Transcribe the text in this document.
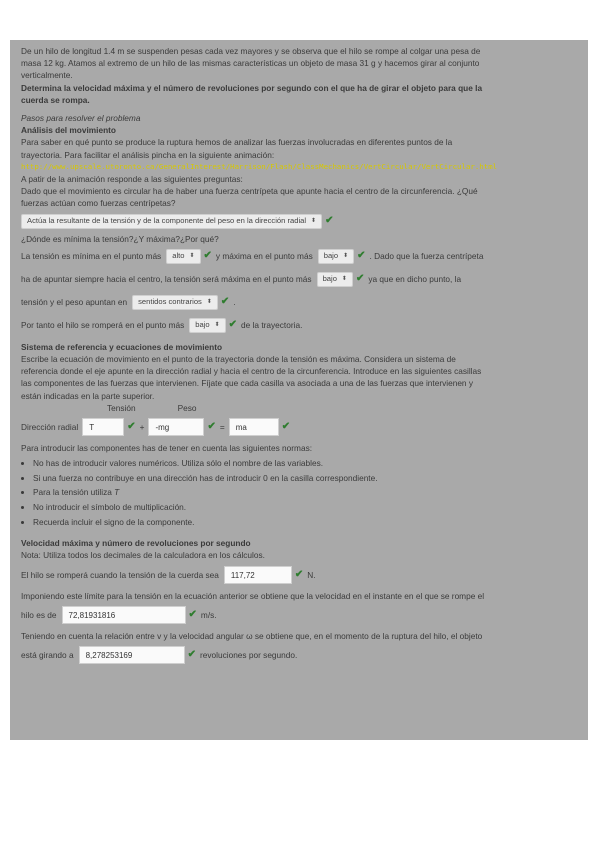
De un hilo de longitud 1.4 m se suspenden pesas cada vez mayores y se observa que el hilo se rompe al colgar una pesa de

masa 12 kg. Atamos al extremo de un hilo de las mismas características un objeto de masa 31 g y hacemos girar al conjunto

verticalmente.

Determina la velocidad máxima y el número de revoluciones por segundo con el que ha de girar el objeto para que la

cuerda se rompa.

Pasos para resolver el problema

Análisis del movimiento

Para saber en qué punto se produce la ruptura hemos de analizar las fuerzas involucradas en diferentes puntos de la

trayectoria. Para facilitar el análisis pincha en la siguiente animación:

http://www.upscale.utoronto.ca/GeneralInterest/Harrison/Flash/ClassMechanics/VertCircular/VertCircular.html

A patir de la animación responde a las siguientes preguntas:

Dado que el movimiento es circular ha de haber una fuerza centrípeta que apunte hacia el centro de la circunferencia. ¿Qué

fuerzas actúan como fuerzas centrípetas?

Actúa la resultante de la tensión y de la componente del peso en la dirección radial ⬍ ✔

¿Dónde es mínima la tensión?¿Y máxima?¿Por qué?

La tensión es mínima en el punto más alto ⬍ ✔ y máxima en el punto más bajo ⬍ ✔ . Dado que la fuerza centrípeta
ha de apuntar siempre hacia el centro, la tensión será máxima en el punto más bajo ⬍ ✔ ya que en dicho punto, la
tensión y el peso apuntan en sentidos contrarios ⬍ ✔ .
Por tanto el hilo se romperá en el punto más bajo ⬍ ✔ de la trayectoria.

Sistema de referencia y ecuaciones de movimiento

Escribe la ecuación de movimiento en el punto de la trayectoria donde la tensión es máxima. Considera un sistema de

referencia donde el eje apunte en la dirección radial y hacia el centro de la circunferencia. Introduce en las siguientes casillas

las componentes de las fuerzas que intervienen. Fíjate que cada casilla va asociada a una de las fuerzas que intervienen y

están indicadas en la parte superior.

Tensión	Peso
Dirección radial	T	✔ +	-mg	✔ =	ma	✔

Para introducir las componentes has de tener en cuenta las siguientes normas:

• No has de introducir valores numéricos. Utiliza sólo el nombre de las variables.
• Si una fuerza no contribuye en una dirección has de introducir 0 en la casilla correspondiente.
• Para la tensión utiliza T
• No introducir el símbolo de multiplicación.
• Recuerda incluir el signo de la componente.

Velocidad máxima y número de revoluciones por segundo

Nota: Utiliza todos los decimales de la calculadora en los cálculos.

El hilo se romperá cuando la tensión de la cuerda sea	117,72	✔ N.

Imponiendo este límite para la tensión en la ecuación anterior se obtiene que la velocidad en el instante en el que se rompe el

hilo es de	72,81931816	✔ m/s.

Teniendo en cuenta la relación entre v y la velocidad angular ω se obtiene que, en el momento de la ruptura del hilo, el objeto

está girando a	8,278253169	✔ revoluciones por segundo.
